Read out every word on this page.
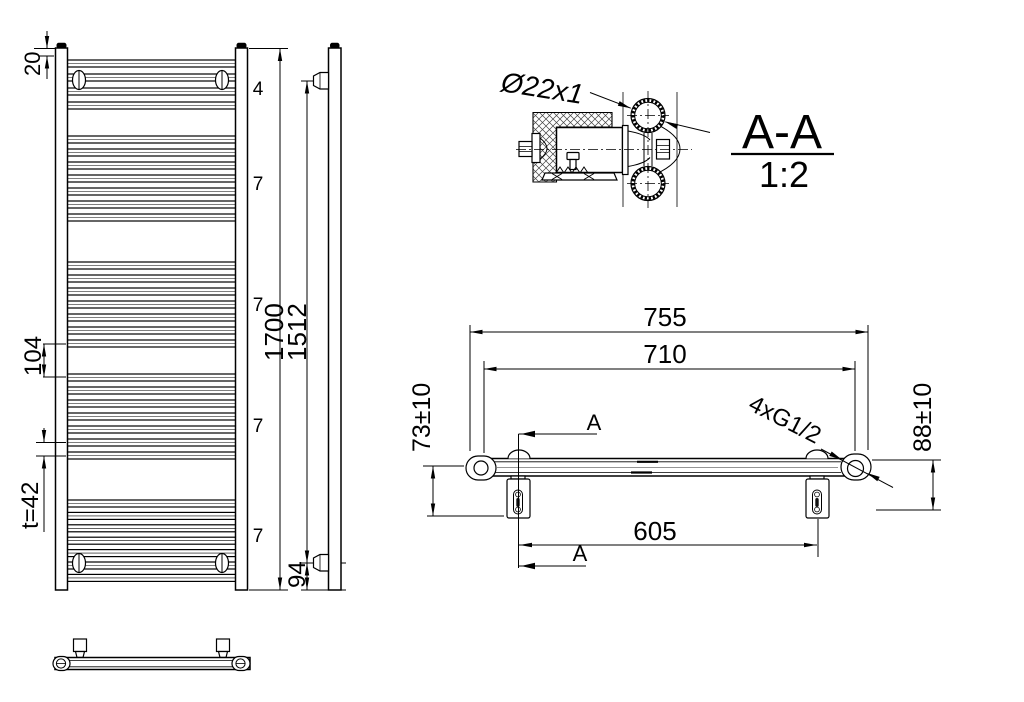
20
104
t=42
4
7
7
7
7
1700
1512
94
Ø22x1
A-A
1:2
755
710
605
73±10	88±10
A
A
4xG1/2
